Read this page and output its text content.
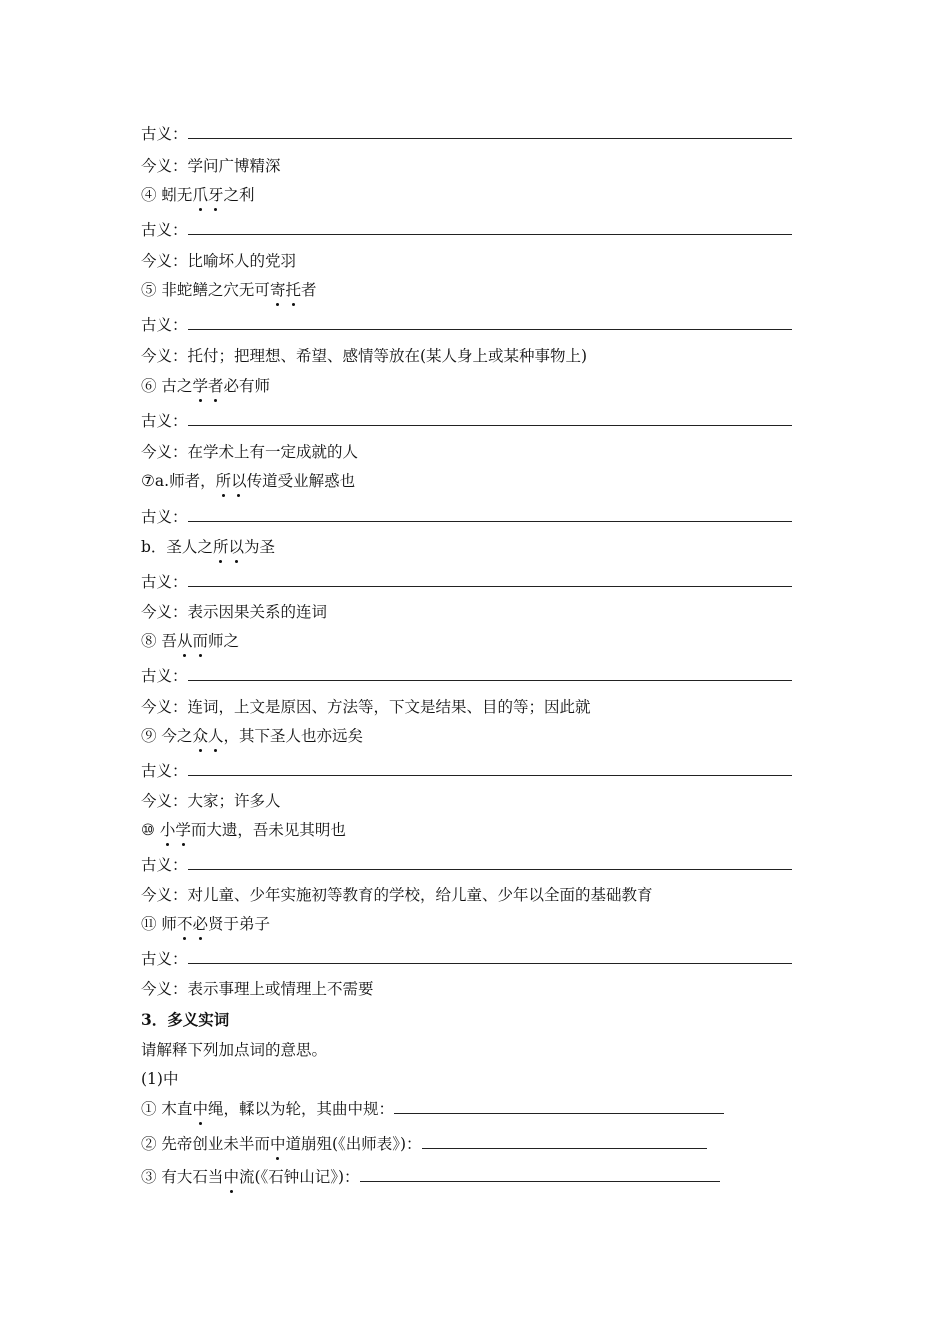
古义：
今义：学问广博精深
④ 蚓无爪牙之利
古义：
今义：比喻坏人的党羽
⑤ 非蛇鳝之穴无可寄托者
古义：
今义：托付；把理想、希望、感情等放在(某人身上或某种事物上)
⑥ 古之学者必有师
古义：
今义：在学术上有一定成就的人
⑦a.师者，所以传道受业解惑也
古义：
b．圣人之所以为圣
古义：
今义：表示因果关系的连词
⑧ 吾从而师之
古义：
今义：连词，上文是原因、方法等，下文是结果、目的等；因此就
⑨ 今之众人，其下圣人也亦远矣
古义：
今义：大家；许多人
⑩ 小学而大遗，吾未见其明也
古义：
今义：对儿童、少年实施初等教育的学校，给儿童、少年以全面的基础教育
⑪ 师不必贤于弟子
古义：
今义：表示事理上或情理上不需要
3．多义实词
请解释下列加点词的意思。
(1)中
① 木直中绳，輮以为轮，其曲中规：
② 先帝创业未半而中道崩殂(《出师表》)：
③ 有大石当中流(《石钟山记》)：
